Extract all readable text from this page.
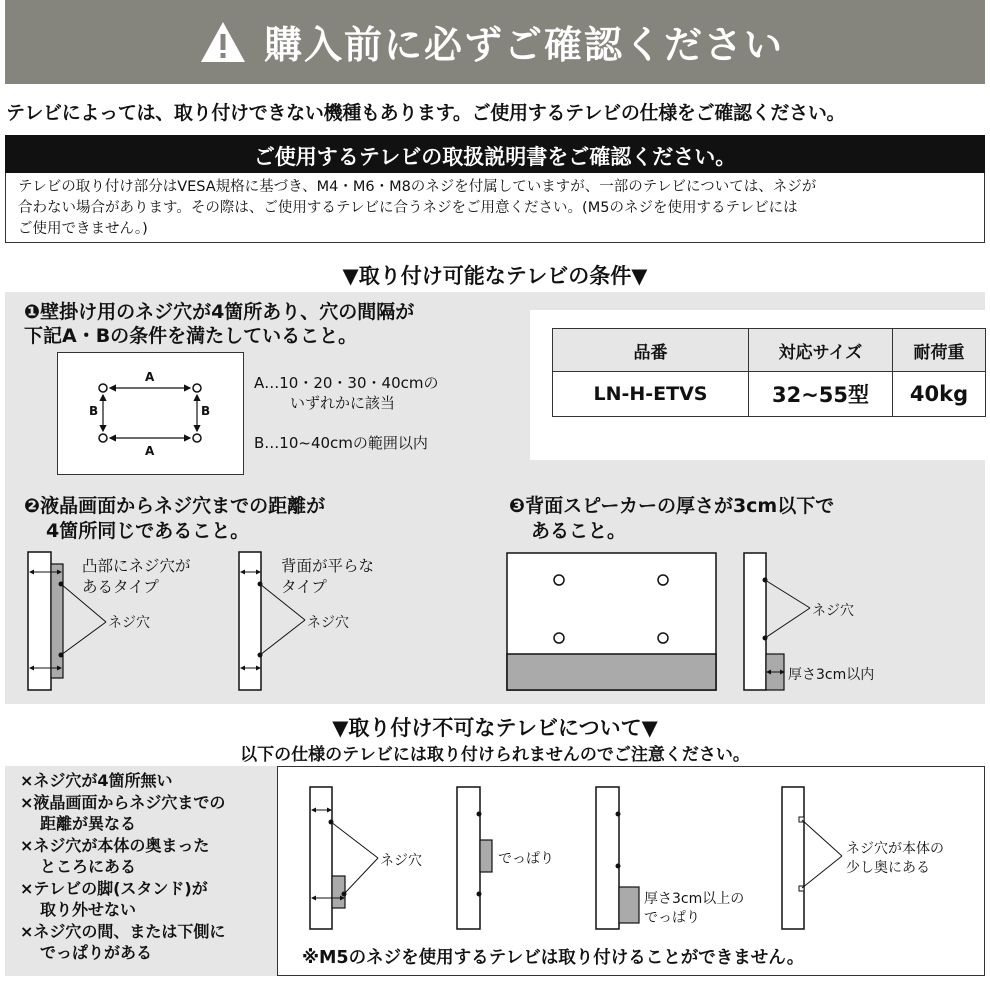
購入前に必ずご確認ください
テレビによっては、取り付けできない機種もあります。ご使用するテレビの仕様をご確認ください。
ご使用するテレビの取扱説明書をご確認ください。
テレビの取り付け部分はVESA規格に基づき、M4・M6・M8のネジを付属していますが、一部のテレビについては、ネジが
合わない場合があります。その際は、ご使用するテレビに合うネジをご用意ください。(M5のネジを使用するテレビには
ご使用できません。)
▼取り付け可能なテレビの条件▼
❶壁掛け用のネジ穴が4箇所あり、穴の間隔が
下記A・Bの条件を満たしていること。
A
A
B	B
A…10・20・30・40cmの
いずれかに該当
B…10~40cmの範囲以内
品番	対応サイズ	耐荷重
LN-H-ETVS	32~55型	40kg
❷液晶画面からネジ穴までの距離が
4箇所同じであること。
凸部にネジ穴が
あるタイプ
ネジ穴
背面が平らな
タイプ
ネジ穴
❸背面スピーカーの厚さが3cm以下で
あること。
ネジ穴
厚さ3cm以内
▼取り付け不可なテレビについて▼
以下の仕様のテレビには取り付けられませんのでご注意ください。
×ネジ穴が4箇所無い
×液晶画面からネジ穴までの
距離が異なる
×ネジ穴が本体の奥まった
ところにある
×テレビの脚(スタンド)が
取り外せない
×ネジ穴の間、または下側に
でっぱりがある
ネジ穴	でっぱり
厚さ3cm以上の
でっぱり
ネジ穴が本体の
少し奥にある
※M5のネジを使用するテレビは取り付けることができません。
